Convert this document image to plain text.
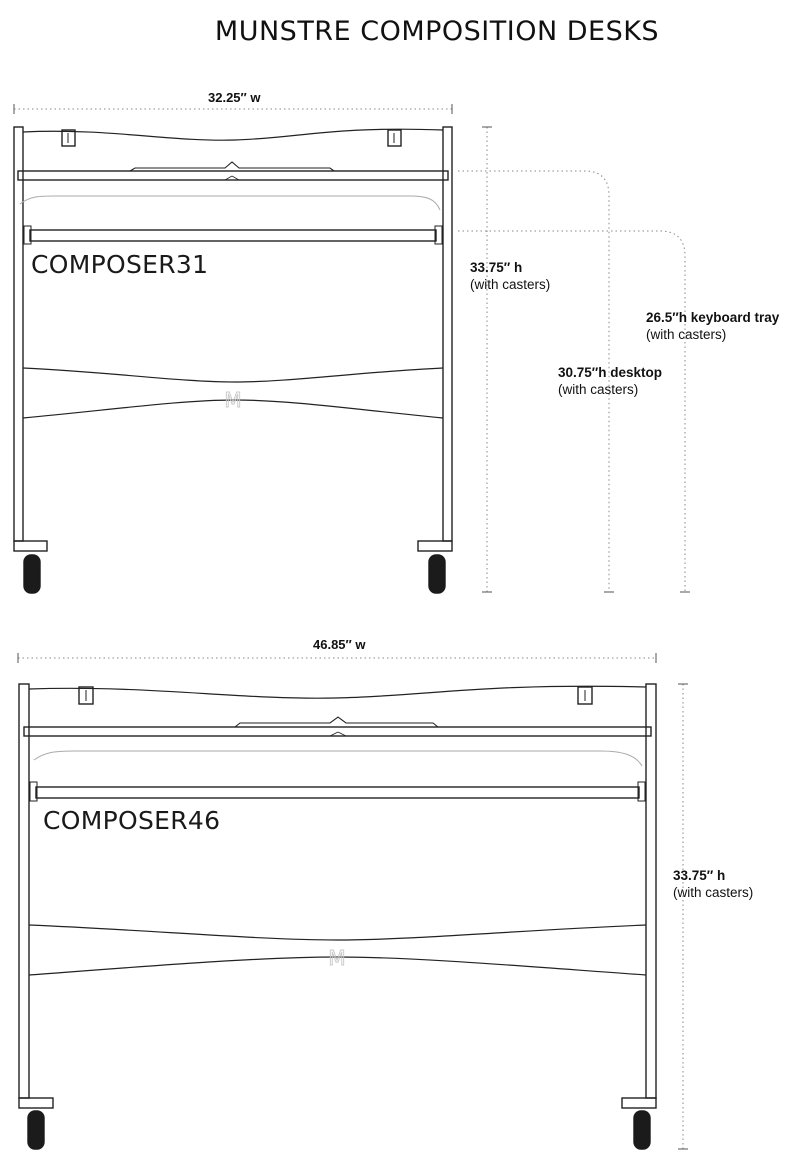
MUNSTRE COMPOSITION DESKS
M
M
32.25″ w
COMPOSER31	33.75″ h
(with casters)
26.5″h keyboard tray
(with casters)
30.75″h desktop
(with casters)
46.85″ w
COMPOSER46
33.75″ h
(with casters)
